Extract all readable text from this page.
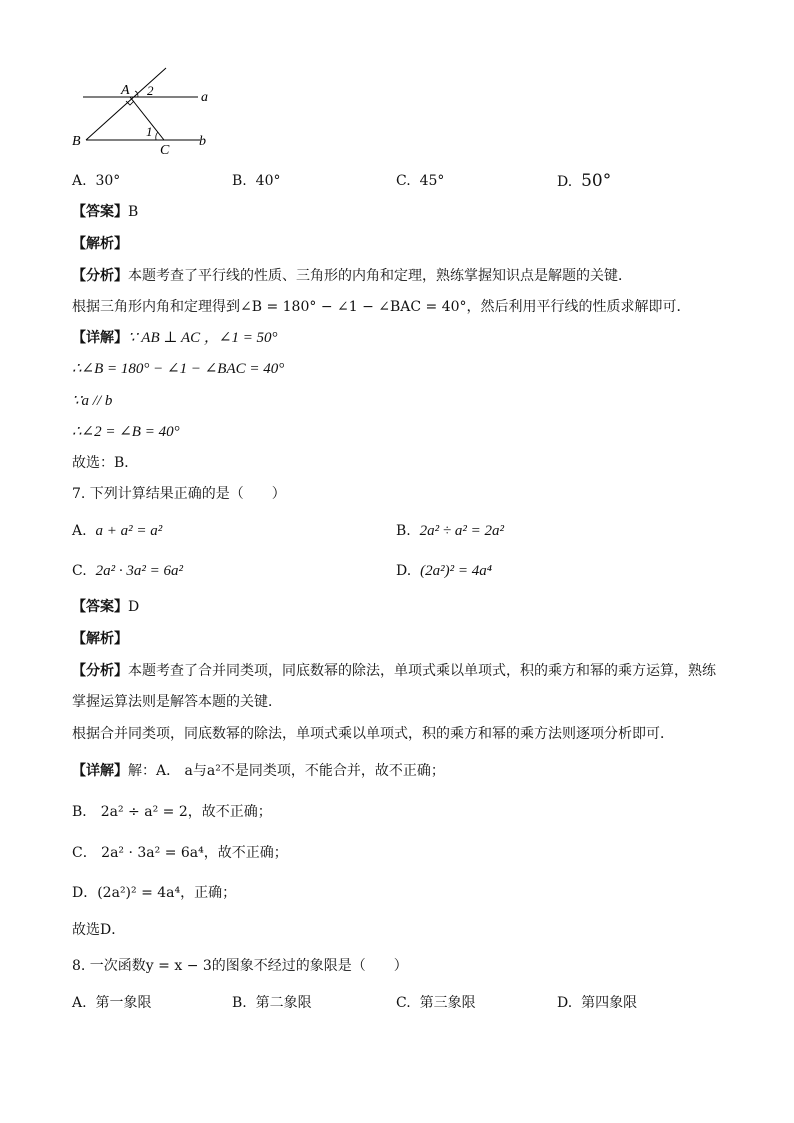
A 2	a
1
B
C
b
A. 30°	B. 40°	C. 45°	D. 50°
【答案】B
【解析】
【分析】本题考查了平行线的性质、三角形的内角和定理，熟练掌握知识点是解题的关键．
根据三角形内角和定理得到∠B = 180° − ∠1 − ∠BAC = 40°，然后利用平行线的性质求解即可．
【详解】∵ AB ⊥ AC ，∠1 = 50°
∴∠B = 180° − ∠1 − ∠BAC = 40°
∵a // b
∴∠2 = ∠B = 40°
故选：B．
7. 下列计算结果正确的是（　　）
A. a + a² = a²	B. 2a² ÷ a² = 2a²
C. 2a² · 3a² = 6a²	D. (2a²)² = 4a⁴
【答案】D
【解析】
【分析】本题考查了合并同类项，同底数幂的除法，单项式乘以单项式，积的乘方和幂的乘方运算，熟练
掌握运算法则是解答本题的关键．
根据合并同类项，同底数幂的除法，单项式乘以单项式，积的乘方和幂的乘方法则逐项分析即可．
【详解】解：A． a与a²不是同类项，不能合并，故不正确；
B． 2a² ÷ a² = 2，故不正确；
C． 2a² · 3a² = 6a⁴，故不正确；
D．(2a²)² = 4a⁴，正确；
故选D．
8. 一次函数y = x − 3的图象不经过的象限是（　　）
A. 第一象限	B. 第二象限	C. 第三象限	D. 第四象限
